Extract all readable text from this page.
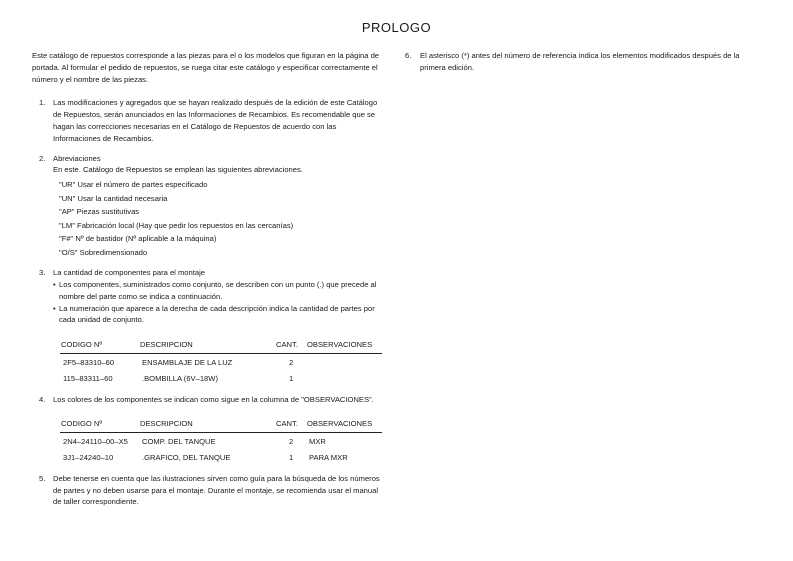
PROLOGO

Este catálogo de repuestos corresponde a las piezas para el o los modelos que figuran en la página de portada. Al formular el pedido de repuestos, se ruega citar este catálogo y especificar correctamente el número y el nombre de las piezas.

1. Las modificaciones y agregados que se hayan realizado después de la edición de este Catálogo de Repuestos, serán anunciados en las Informaciones de Recambios. Es recomendable que se hagan las correcciones necesarias en el Catálogo de Repuestos de acuerdo con las Informaciones de Recambios.

2. Abreviaciones

En este. Catálogo de Repuestos se emplean las siguientes abreviaciones.

"UR" Usar el número de partes especificado
"UN" Usar la cantidad necesaria
"AP" Piezas sustitutivas
"LM" Fabricación local (Hay que pedir los repuestos en las cercanías)
"F#" Nº de bastidor (Nº aplicable a la máquina)
"O/S" Sobredimensionado
3. La cantidad de componentes para el montaje

• Los componentes, suministrados como conjunto, se describen con un punto (.) que precede al nombre del parte como se indica a continuación.
• La numeración que aparece a la derecha de cada descripción indica la cantidad de partes por cada unidad de conjunto.
CODIGO Nº	DESCRIPCION	CANT.	OBSERVACIONES
2F5–83310–60	ENSAMBLAJE DE LA LUZ	2	
115–83311–60	.BOMBILLA (6V–18W)	1	
4. Los colores de los componentes se indican como sigue en la columna de "OBSERVACIONES".

CODIGO Nº	DESCRIPCION	CANT.	OBSERVACIONES
2N4–24110–00–X5	COMP. DEL TANQUE	2	MXR
3J1–24240–10	.GRAFICO, DEL TANQUE	1	PARA MXR
5. Debe tenerse en cuenta que las ilustraciones sirven como guía para la búsqueda de los números de partes y no deben usarse para el montaje. Durante el montaje, se recomienda usar el manual de taller correspondiente.

6. El asterisco (*) antes del número de referencia indica los elementos modificados después de la primera edición.
